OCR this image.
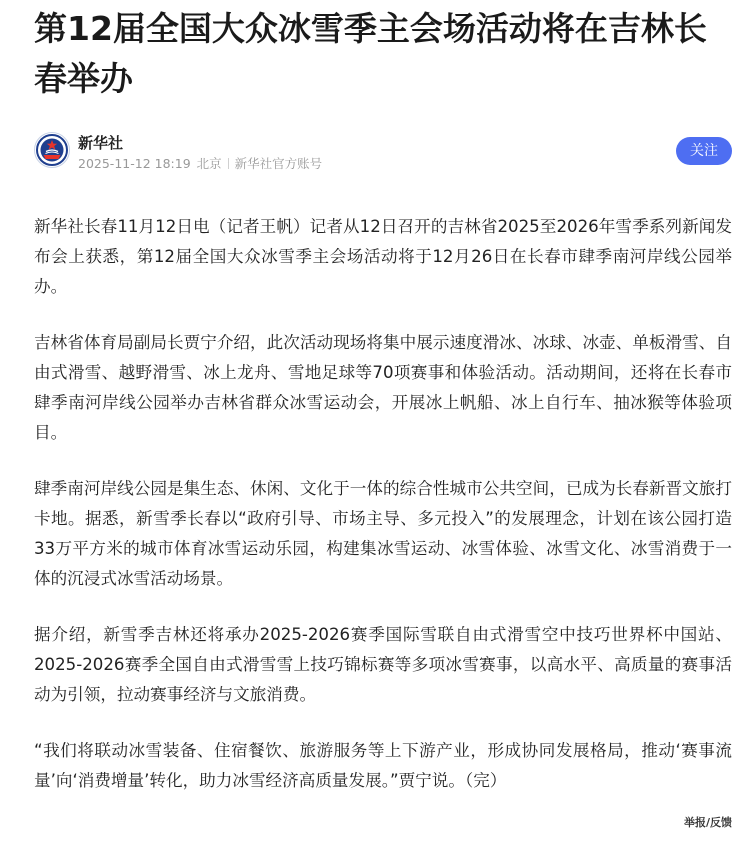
第12届全国大众冰雪季主会场活动将在吉林长春举办
新华社
2025-11-12 18:19 北京 新华社官方账号
关注

新华社长春11月12日电（记者王帆）记者从12日召开的吉林省2025至2026年雪季系列新闻发布会上获悉，第12届全国大众冰雪季主会场活动将于12月26日在长春市肆季南河岸线公园举办。

吉林省体育局副局长贾宁介绍，此次活动现场将集中展示速度滑冰、冰球、冰壶、单板滑雪、自由式滑雪、越野滑雪、冰上龙舟、雪地足球等70项赛事和体验活动。活动期间，还将在长春市肆季南河岸线公园举办吉林省群众冰雪运动会，开展冰上帆船、冰上自行车、抽冰猴等体验项目。

肆季南河岸线公园是集生态、休闲、文化于一体的综合性城市公共空间，已成为长春新晋文旅打卡地。据悉，新雪季长春以“政府引导、市场主导、多元投入”的发展理念，计划在该公园打造33万平方米的城市体育冰雪运动乐园，构建集冰雪运动、冰雪体验、冰雪文化、冰雪消费于一体的沉浸式冰雪活动场景。

据介绍，新雪季吉林还将承办2025-2026赛季国际雪联自由式滑雪空中技巧世界杯中国站、2025-2026赛季全国自由式滑雪雪上技巧锦标赛等多项冰雪赛事，以高水平、高质量的赛事活动为引领，拉动赛事经济与文旅消费。

“我们将联动冰雪装备、住宿餐饮、旅游服务等上下游产业，形成协同发展格局，推动‘赛事流量’向‘消费增量’转化，助力冰雪经济高质量发展。”贾宁说。（完）

举报/反馈
